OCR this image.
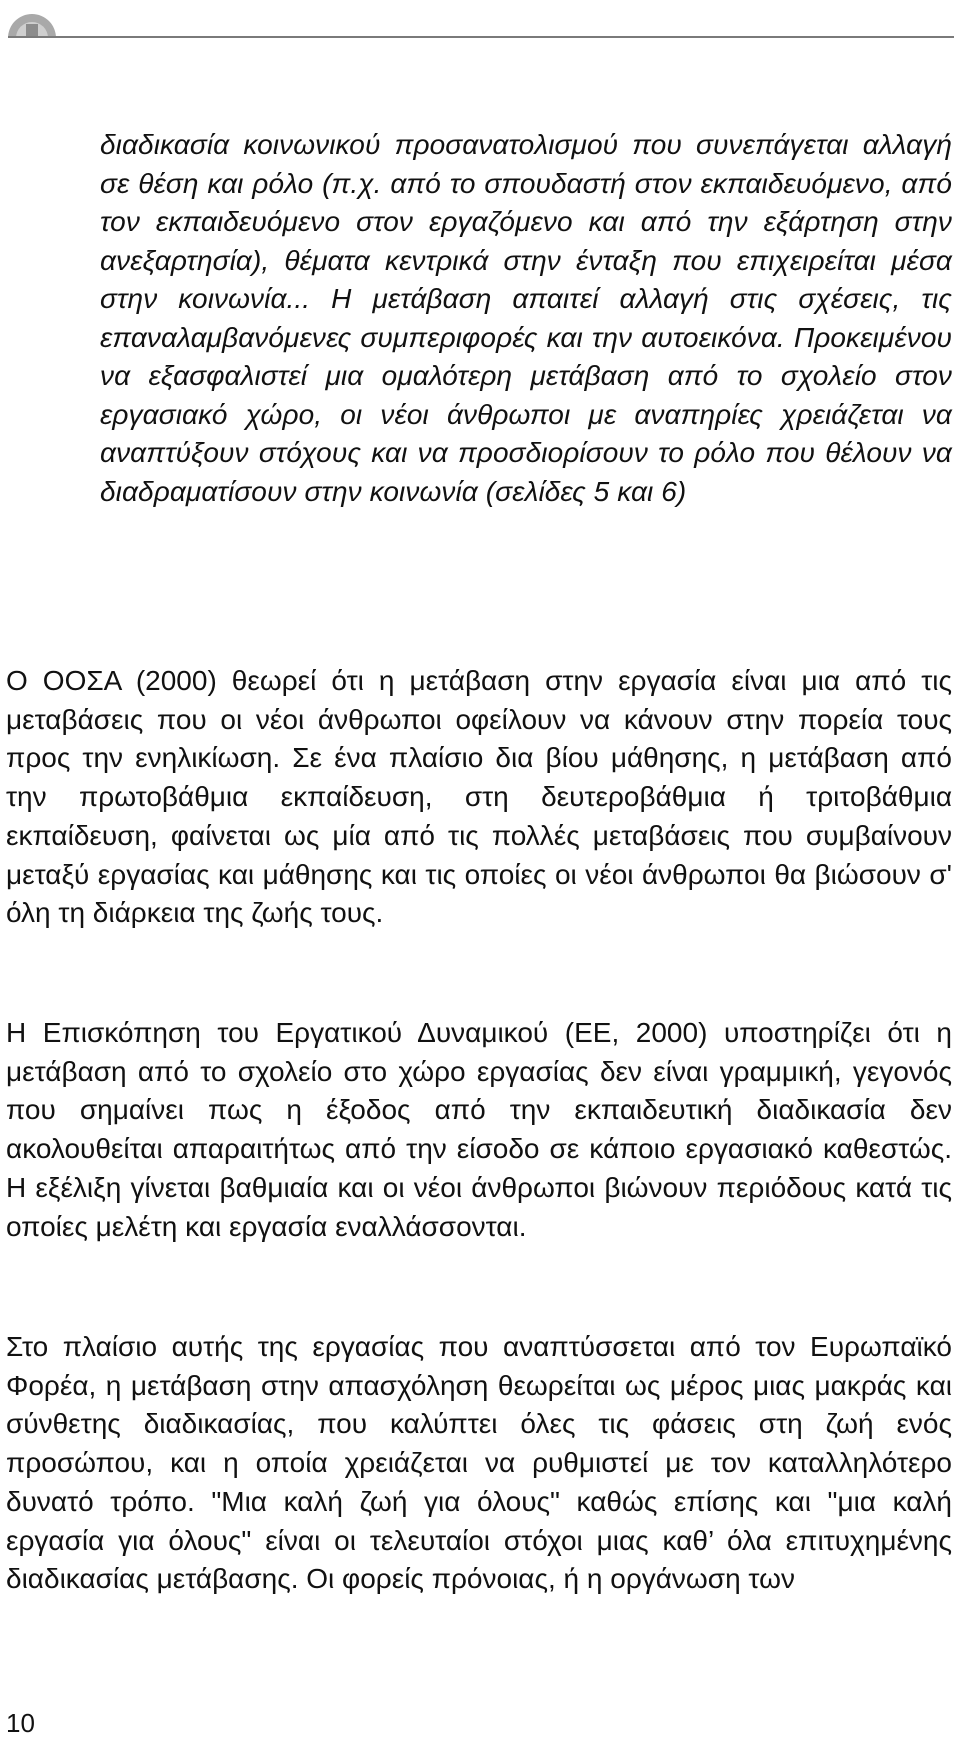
διαδικασία κοινωνικού προσανατολισμού που συνεπάγεται αλλαγή σε θέση και ρόλο (π.χ. από το σπουδαστή στον εκπαιδευόμενο, από τον εκπαιδευόμενο στον εργαζόμενο και από την εξάρτηση στην ανεξαρτησία), θέματα κεντρικά στην ένταξη που επιχειρείται μέσα στην κοινωνία... Η μετάβαση απαιτεί αλλαγή στις σχέσεις, τις επαναλαμβανόμενες συμπεριφορές και την αυτοεικόνα. Προκειμένου να εξασφαλιστεί μια ομαλότερη μετάβαση από το σχολείο στον εργασιακό χώρο, οι νέοι άνθρωποι με αναπηρίες χρειάζεται να αναπτύξουν στόχους και να προσδιορίσουν το ρόλο που θέλουν να διαδραματίσουν στην κοινωνία (σελίδες 5 και 6)
Ο ΟΟΣΑ (2000) θεωρεί ότι η μετάβαση στην εργασία είναι μια από τις μεταβάσεις που οι νέοι άνθρωποι οφείλουν να κάνουν στην πορεία τους προς την ενηλικίωση. Σε ένα πλαίσιο δια βίου μάθησης, η μετάβαση από την πρωτοβάθμια εκπαίδευση, στη δευτεροβάθμια ή τριτοβάθμια εκπαίδευση, φαίνεται ως μία από τις πολλές μεταβάσεις που συμβαίνουν μεταξύ εργασίας και μάθησης και τις οποίες οι νέοι άνθρωποι θα βιώσουν σ' όλη τη διάρκεια της ζωής τους.
Η Επισκόπηση του Εργατικού Δυναμικού (ΕΕ, 2000) υποστηρίζει ότι η μετάβαση από το σχολείο στο χώρο εργασίας δεν είναι γραμμική, γεγονός που σημαίνει πως η έξοδος από την εκπαιδευτική διαδικασία δεν ακολουθείται απαραιτήτως από την είσοδο σε κάποιο εργασιακό καθεστώς. Η εξέλιξη γίνεται βαθμιαία και οι νέοι άνθρωποι βιώνουν περιόδους κατά τις οποίες μελέτη και εργασία εναλλάσσονται.
Στο πλαίσιο αυτής της εργασίας που αναπτύσσεται από τον Ευρωπαϊκό Φορέα, η μετάβαση στην απασχόληση θεωρείται ως μέρος μιας μακράς και σύνθετης διαδικασίας, που καλύπτει όλες τις φάσεις στη ζωή ενός προσώπου, και η οποία χρειάζεται να ρυθμιστεί με τον καταλληλότερο δυνατό τρόπο. "Μια καλή ζωή για όλους" καθώς επίσης και "μια καλή εργασία για όλους" είναι οι τελευταίοι στόχοι μιας καθ’ όλα επιτυχημένης διαδικασίας μετάβασης. Οι φορείς πρόνοιας, ή η οργάνωση των
10
